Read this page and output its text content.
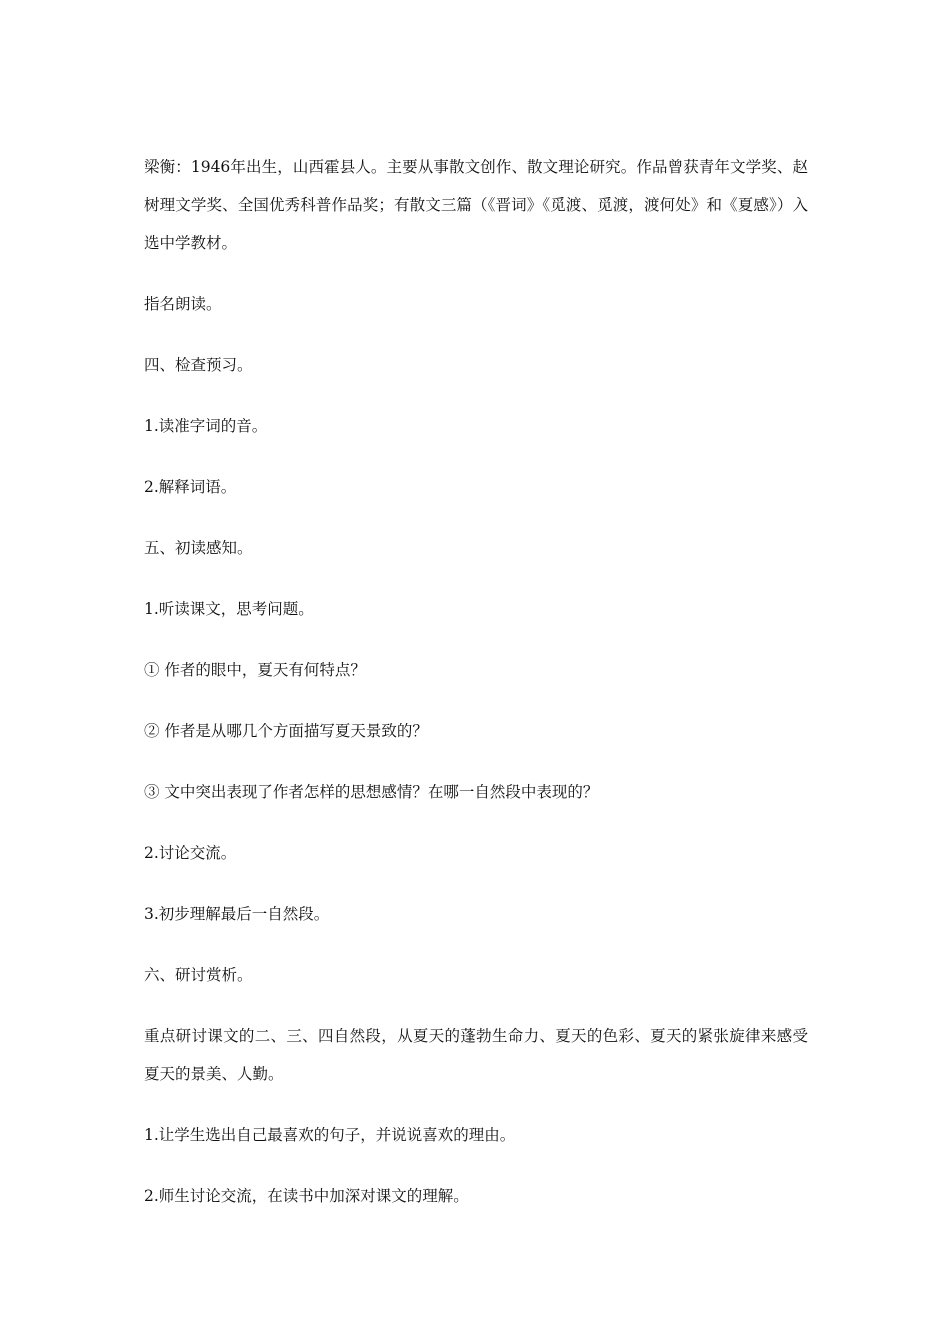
梁衡：1946年出生，山西霍县人。主要从事散文创作、散文理论研究。作品曾获青年文学奖、赵树理文学奖、全国优秀科普作品奖；有散文三篇（《晋词》《觅渡、觅渡，渡何处》和《夏感》）入选中学教材。

指名朗读。

四、检查预习。

1.读准字词的音。

2.解释词语。

五、初读感知。

1.听读课文，思考问题。

① 作者的眼中，夏天有何特点？

② 作者是从哪几个方面描写夏天景致的？

③ 文中突出表现了作者怎样的思想感情？在哪一自然段中表现的？

2.讨论交流。

3.初步理解最后一自然段。

六、研讨赏析。

重点研讨课文的二、三、四自然段，从夏天的蓬勃生命力、夏天的色彩、夏天的紧张旋律来感受夏天的景美、人勤。

1.让学生选出自己最喜欢的句子，并说说喜欢的理由。

2.师生讨论交流，在读书中加深对课文的理解。
